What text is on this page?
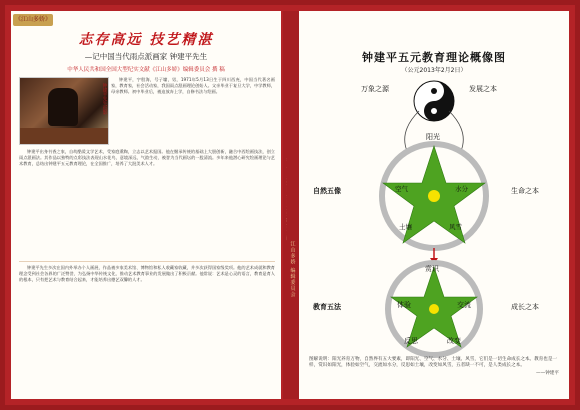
《江山多娇》
志存高远 技艺精湛
—记中国当代雨点派画家 钟建平先生
中华人民共和国全国大型纪实文献《江山多娇》编辑委员会 撰 稿
钟建平先生近影

钟建平，字殷海，号子墉，男，1971年5月13日生于四川西充，中国当代著名画家，教育家，社会活动家，我国雨点派画理论创始人。父亲毕业于复旦大学，中学教师，母亲教师。初中毕业后，被迫放弃上学，自修书法与绘画。

钟建平出身书香之家，自幼酷爱文学艺术，受家庭熏陶，立志以艺术报国。他在继承传统的基础上大胆创新，融合中西绘画技法，创立雨点派画法。其作品以独特的点彩技法表现山水花鸟，意境深远，气韵生动，被誉为当代画坛的一股清流。多年来他潜心研究绘画理论与艺术教育，总结出钟建平五元教育理论，在全国推广，培养了大批美术人才。

钟建平先生多次在国内外举办个人画展，作品被多家美术馆、博物馆和私人收藏家收藏，并多次获得国家级奖项。他的艺术成就和教育理念受到社会各界的广泛赞誉，为弘扬中华传统文化、推动艺术教育事业的发展做出了积极贡献。他常说：艺术是心灵的语言，教育是育人的根本，只有把艺术与教育结合起来，才能培养出德艺双馨的人才。	江山多娇 编辑委员会
钟建平五元教育理论概像图
（公元2013年2月2日）
万象之源	发展之本
阳光
空气	水分
土壤	风雪
自然五像	生命之本
赏识
体验	交流
反思	改变
教育五法	成长之本
图解说明：阳光养育万物，自然界有五大要素，即阳光、空气、水分、土壤、风雪，它们是一切生命成长之本。教育也是一样，赏识如阳光，体验如空气，交流如水分，反思如土壤，改变如风雪，五者缺一不可，是人类成长之本。
——钟建平
